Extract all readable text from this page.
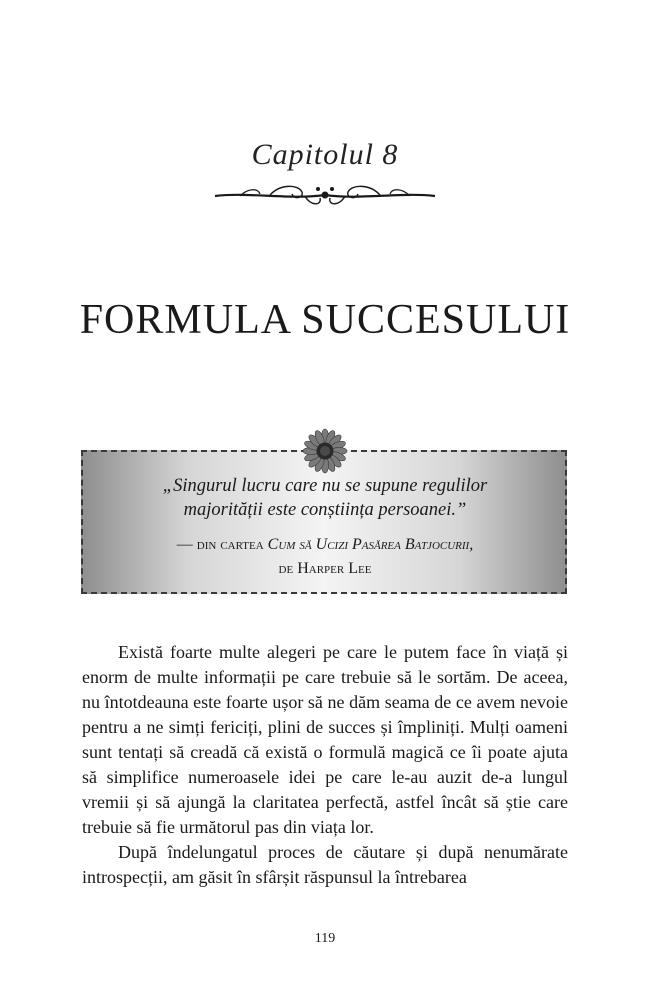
Capitolul 8
FORMULA SUCCESULUI
„Singurul lucru care nu se supune regulilor
majorității este conștiința persoanei.”
— din cartea Cum să Ucizi Pasărea Batjocurii,
de Harper Lee

Există foarte multe alegeri pe care le putem face în viață și enorm de multe informații pe care trebuie să le sortăm. De aceea, nu întotdeauna este foarte ușor să ne dăm seama de ce avem nevoie pentru a ne simți fericiți, plini de succes și împliniți. Mulți oameni sunt tentați să creadă că există o formulă magică ce îi poate ajuta să simplifice numeroasele idei pe care le-au auzit de-a lungul vremii și să ajungă la claritatea perfectă, astfel încât să știe care trebuie să fie următorul pas din viața lor.

După îndelungatul proces de căutare și după nenumărate introspecții, am găsit în sfârșit răspunsul la întrebarea

119
